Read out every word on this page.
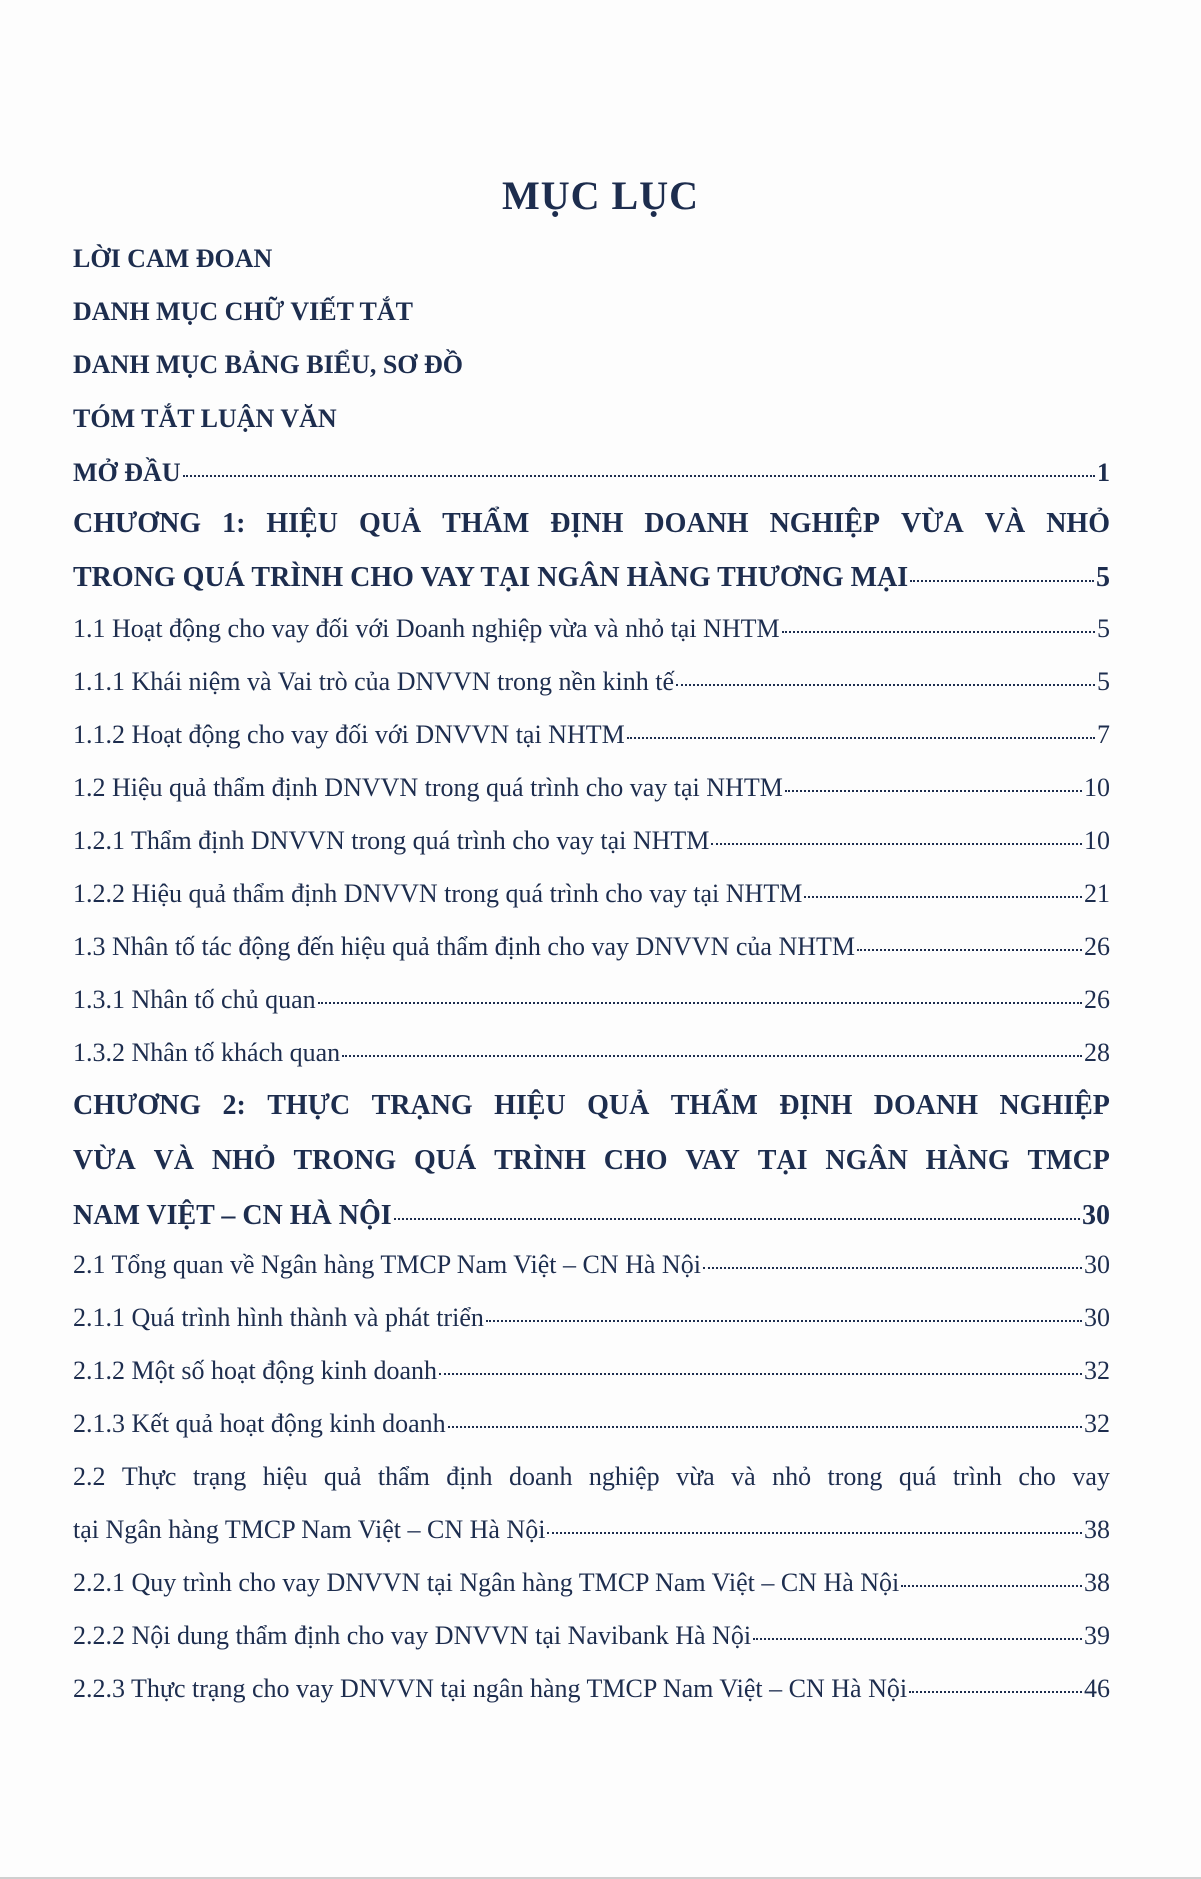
MỤC LỤC
LỜI CAM ĐOAN
DANH MỤC CHỮ VIẾT TẮT
DANH MỤC BẢNG BIỂU, SƠ ĐỒ
TÓM TẮT LUẬN VĂN
MỞ ĐẦU	1
CHƯƠNG 1: HIỆU QUẢ THẨM ĐỊNH DOANH NGHIỆP VỪA VÀ NHỎ
TRONG QUÁ TRÌNH CHO VAY TẠI NGÂN HÀNG THƯƠNG MẠI	5
1.1 Hoạt động cho vay đối với Doanh nghiệp vừa và nhỏ tại NHTM	5
1.1.1 Khái niệm và Vai trò của DNVVN trong nền kinh tế	5
1.1.2 Hoạt động cho vay đối với DNVVN tại NHTM	7
1.2 Hiệu quả thẩm định DNVVN trong quá trình cho vay tại NHTM	10
1.2.1 Thẩm định DNVVN trong quá trình cho vay tại NHTM	10
1.2.2 Hiệu quả thẩm định DNVVN trong quá trình cho vay tại NHTM	21
1.3 Nhân tố tác động đến hiệu quả thẩm định cho vay DNVVN của NHTM	26
1.3.1 Nhân tố chủ quan	26
1.3.2 Nhân tố khách quan	28
CHƯƠNG 2: THỰC TRẠNG HIỆU QUẢ THẨM ĐỊNH DOANH NGHIỆP
VỪA VÀ NHỎ TRONG QUÁ TRÌNH CHO VAY TẠI NGÂN HÀNG TMCP
NAM VIỆT – CN HÀ NỘI	30
2.1 Tổng quan về Ngân hàng TMCP Nam Việt – CN Hà Nội	30
2.1.1 Quá trình hình thành và phát triển	30
2.1.2 Một số hoạt động kinh doanh	32
2.1.3 Kết quả hoạt động kinh doanh	32
2.2 Thực trạng hiệu quả thẩm định doanh nghiệp vừa và nhỏ trong quá trình cho vay
tại Ngân hàng TMCP Nam Việt – CN Hà Nội	38
2.2.1 Quy trình cho vay DNVVN tại Ngân hàng TMCP Nam Việt – CN Hà Nội	38
2.2.2 Nội dung thẩm định cho vay DNVVN tại Navibank Hà Nội	39
2.2.3 Thực trạng cho vay DNVVN tại ngân hàng TMCP Nam Việt – CN Hà Nội	46
